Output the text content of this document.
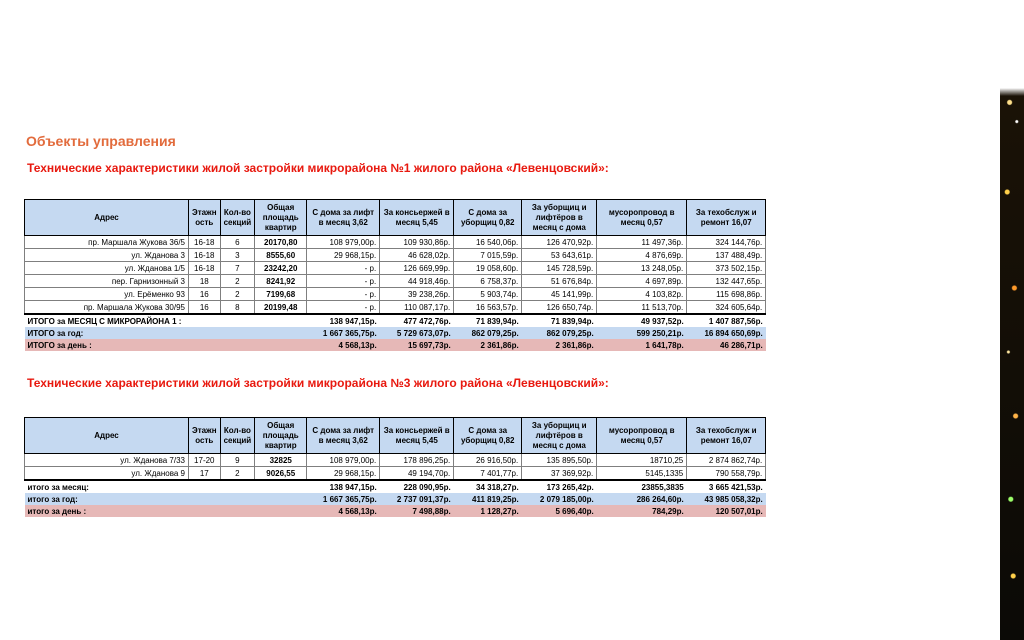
Объекты управления
Технические характеристики жилой застройки микрорайона №1 жилого района «Левенцовский»:
Адрес	Этажн ость	Кол-во секций	Общая площадь квартир	С дома за лифт в месяц 3,62	За консьержей в месяц 5,45	С дома за уборщиц 0,82	За уборщиц и лифтёров в месяц с дома	мусоропровод в месяц 0,57	За техобслуж и ремонт 16,07
пр. Маршала Жукова 36/5	16-18	6	20170,80	108 979,00р.	109 930,86р.	16 540,06р.	126 470,92р.	11 497,36р.	324 144,76р.
ул. Жданова 3	16-18	3	8555,60	29 968,15р.	46 628,02р.	7 015,59р.	53 643,61р.	4 876,69р.	137 488,49р.
ул. Жданова 1/5	16-18	7	23242,20	- р.	126 669,99р.	19 058,60р.	145 728,59р.	13 248,05р.	373 502,15р.
пер. Гарнизонный 3	18	2	8241,92	- р.	44 918,46р.	6 758,37р.	51 676,84р.	4 697,89р.	132 447,65р.
ул. Ерёменко 93	16	2	7199,68	- р.	39 238,26р.	5 903,74р.	45 141,99р.	4 103,82р.	115 698,86р.
пр. Маршала Жукова 30/95	16	8	20199,48	- р.	110 087,17р.	16 563,57р.	126 650,74р.	11 513,70р.	324 605,64р.
ИТОГО за МЕСЯЦ С МИКРОРАЙОНА 1 :				138 947,15р.	477 472,76р.	71 839,94р.	71 839,94р.	49 937,52р.	1 407 887,56р.
ИТОГО за год:				1 667 365,75р.	5 729 673,07р.	862 079,25р.	862 079,25р.	599 250,21р.	16 894 650,69р.
ИТОГО за день :				4 568,13р.	15 697,73р.	2 361,86р.	2 361,86р.	1 641,78р.	46 286,71р.
Технические характеристики жилой застройки микрорайона №3 жилого района «Левенцовский»:
Адрес	Этажн ость	Кол-во секций	Общая площадь квартир	С дома за лифт в месяц 3,62	За консьержей в месяц 5,45	С дома за уборщиц 0,82	За уборщиц и лифтёров в месяц с дома	мусоропровод в месяц 0,57	За техобслуж и ремонт 16,07
ул. Жданова 7/33	17-20	9	32825	108 979,00р.	178 896,25р.	26 916,50р.	135 895,50р.	18710,25	2 874 862,74р.
ул. Жданова 9	17	2	9026,55	29 968,15р.	49 194,70р.	7 401,77р.	37 369,92р.	5145,1335	790 558,79р.
итого за месяц:				138 947,15р.	228 090,95р.	34 318,27р.	173 265,42р.	23855,3835	3 665 421,53р.
итого за год:				1 667 365,75р.	2 737 091,37р.	411 819,25р.	2 079 185,00р.	286 264,60р.	43 985 058,32р.
итого за день :				4 568,13р.	7 498,88р.	1 128,27р.	5 696,40р.	784,29р.	120 507,01р.
